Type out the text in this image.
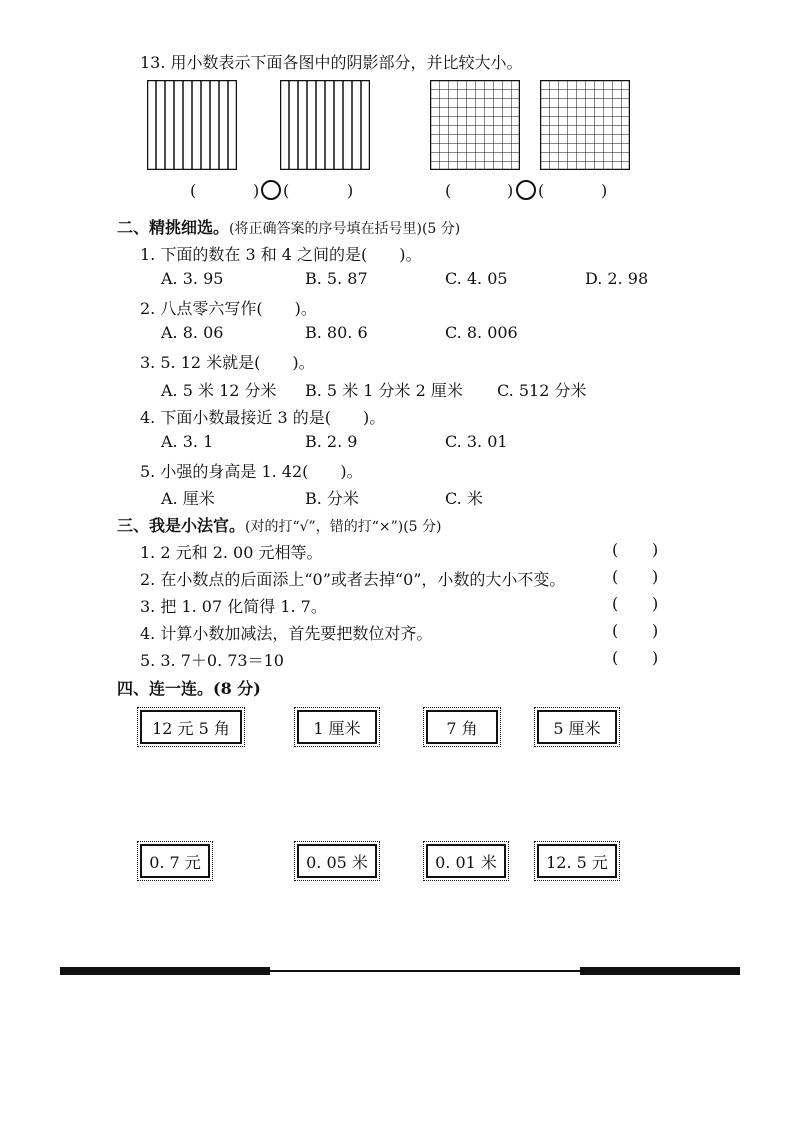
13. 用小数表示下面各图中的阴影部分，并比较大小。
(	) (	)	(	) (	)
二、精挑细选。(将正确答案的序号填在括号里)(5 分)
1. 下面的数在 3 和 4 之间的是(　　)。
A. 3. 95	B. 5. 87	C. 4. 05	D. 2. 98
2. 八点零六写作(　　)。
A. 8. 06	B. 80. 6	C. 8. 006
3. 5. 12 米就是(　　)。
A. 5 米 12 分米 B. 5 米 1 分米 2 厘米 C. 512 分米
4. 下面小数最接近 3 的是(　　)。
A. 3. 1	B. 2. 9	C. 3. 01
5. 小强的身高是 1. 42(　　)。
A. 厘米	B. 分米	C. 米
三、我是小法官。(对的打“√”，错的打“×”)(5 分)
1. 2 元和 2. 00 元相等。	( )
2. 在小数点的后面添上“0”或者去掉“0”，小数的大小不变。	( )
3. 把 1. 07 化简得 1. 7。	( )
4. 计算小数加减法，首先要把数位对齐。	( )
5. 3. 7＋0. 73＝10	( )
四、连一连。(8 分)
12 元 5 角	1 厘米	7 角	5 厘米
0. 7 元	0. 05 米	0. 01 米	12. 5 元
